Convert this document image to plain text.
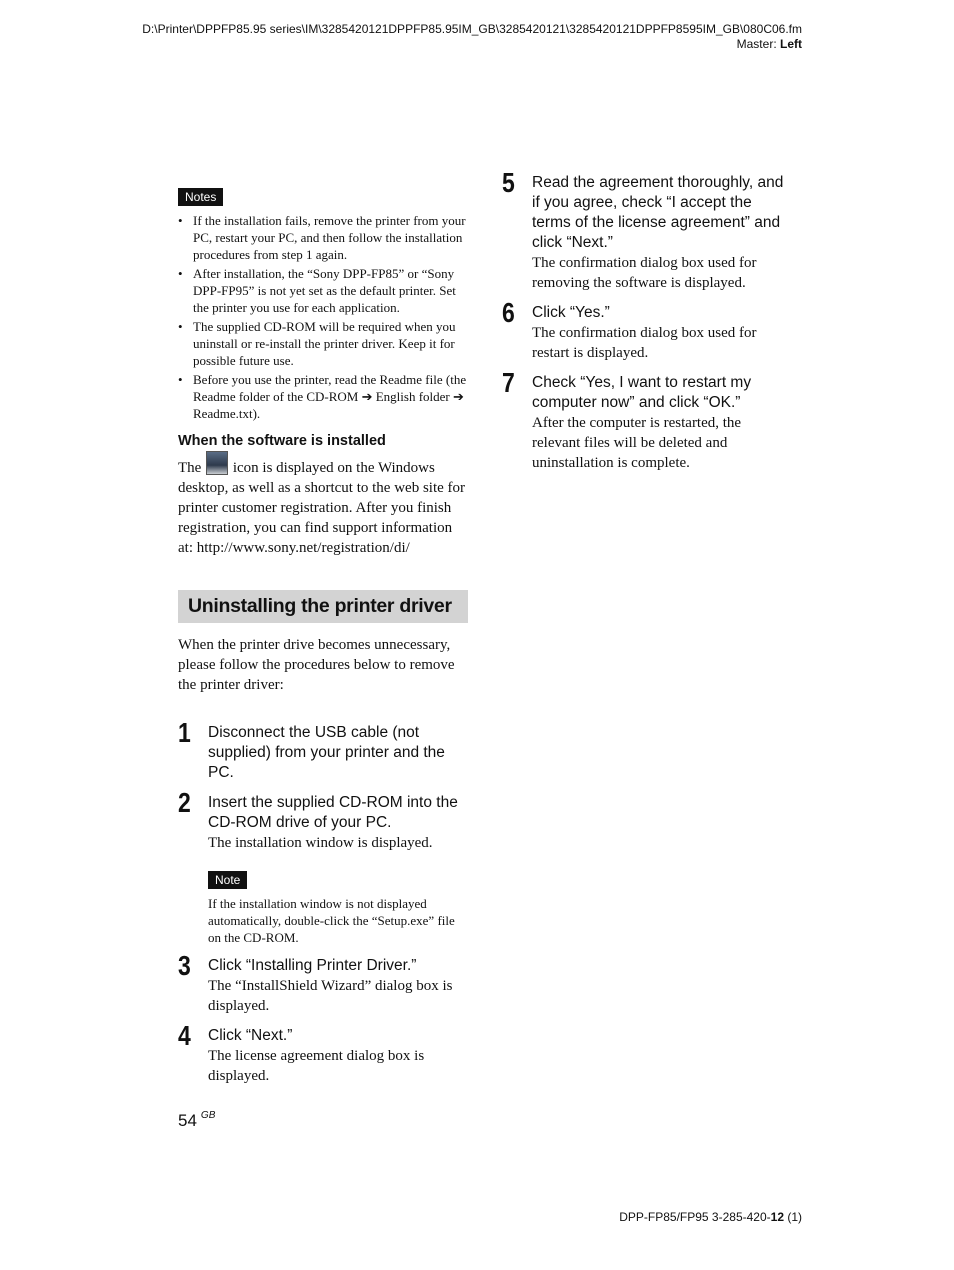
D:\Printer\DPPFP85.95 series\IM\3285420121DPPFP85.95IM_GB\3285420121\3285420121DPPFP8595IM_GB\080C06.fm
Master: Left
Notes
• If the installation fails, remove the printer from your PC, restart your PC, and then follow the installation procedures from step 1 again.
• After installation, the “Sony DPP-FP85” or “Sony DPP-FP95” is not yet set as the default printer. Set the printer you use for each application.
• The supplied CD-ROM will be required when you uninstall or re-install the printer driver. Keep it for possible future use.
• Before you use the printer, read the Readme file (the Readme folder of the CD-ROM ➔ English folder ➔ Readme.txt).
When the software is installed
The icon is displayed on the Windows desktop, as well as a shortcut to the web site for printer customer registration. After you finish registration, you can find support information at: http://www.sony.net/registration/di/
Uninstalling the printer driver
When the printer drive becomes unnecessary, please follow the procedures below to remove the printer driver:
1 Disconnect the USB cable (not supplied) from your printer and the PC.
2 Insert the supplied CD-ROM into the CD-ROM drive of your PC.
The installation window is displayed.
Note
If the installation window is not displayed automatically, double-click the “Setup.exe” file on the CD-ROM.
3 Click “Installing Printer Driver.”
The “InstallShield Wizard” dialog box is displayed.
4 Click “Next.”
The license agreement dialog box is displayed.
5 Read the agreement thoroughly, and if you agree, check “I accept the terms of the license agreement” and click “Next.”
The confirmation dialog box used for removing the software is displayed.
6 Click “Yes.”
The confirmation dialog box used for restart is displayed.
7 Check “Yes, I want to restart my computer now” and click “OK.”
After the computer is restarted, the relevant files will be deleted and uninstallation is complete.
54 $^{GB}$
DPP-FP85/FP95 3-285-420-12 (1)
